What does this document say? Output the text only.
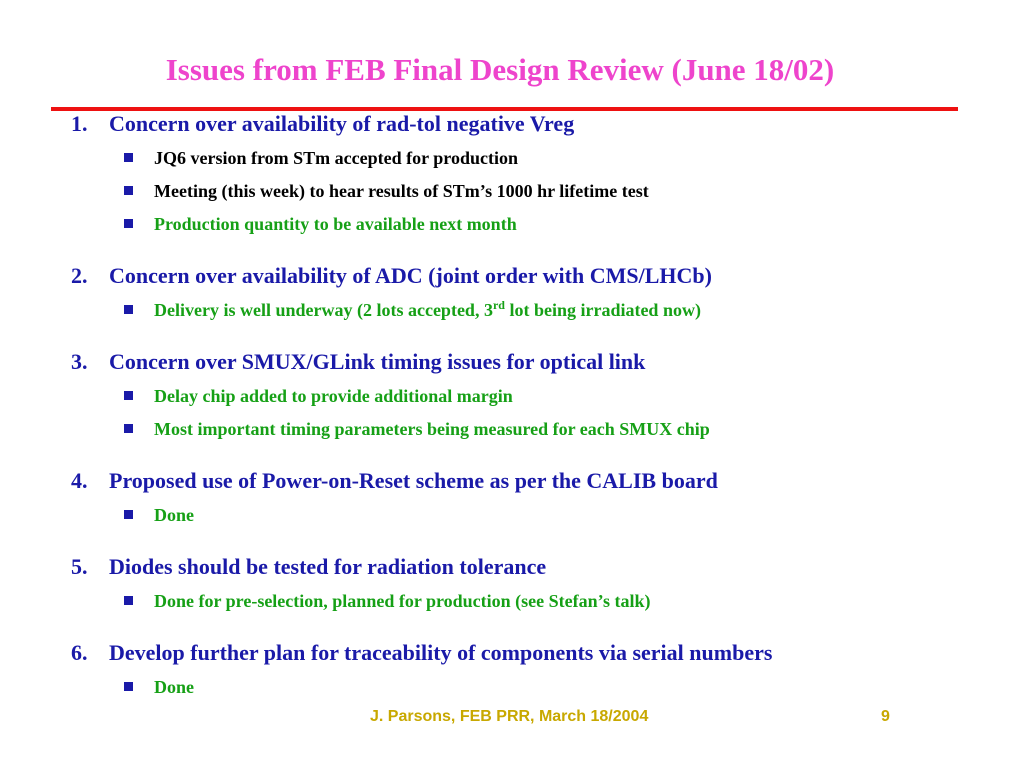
Issues from FEB Final Design Review (June 18/02)
1. Concern over availability of rad-tol negative Vreg
JQ6 version from STm accepted for production
Meeting (this week) to hear results of STm’s 1000 hr lifetime test
Production quantity to be available next month
2. Concern over availability of ADC (joint order with CMS/LHCb)
Delivery is well underway (2 lots accepted, 3rd lot being irradiated now)
3. Concern over SMUX/GLink timing issues for optical link
Delay chip added to provide additional margin
Most important timing parameters being measured for each SMUX chip
4. Proposed use of Power-on-Reset scheme as per the CALIB board
Done
5. Diodes should be tested for radiation tolerance
Done for pre-selection, planned for production (see Stefan’s talk)
6. Develop further plan for traceability of components via serial numbers
Done
J. Parsons, FEB PRR, March 18/2004	9
